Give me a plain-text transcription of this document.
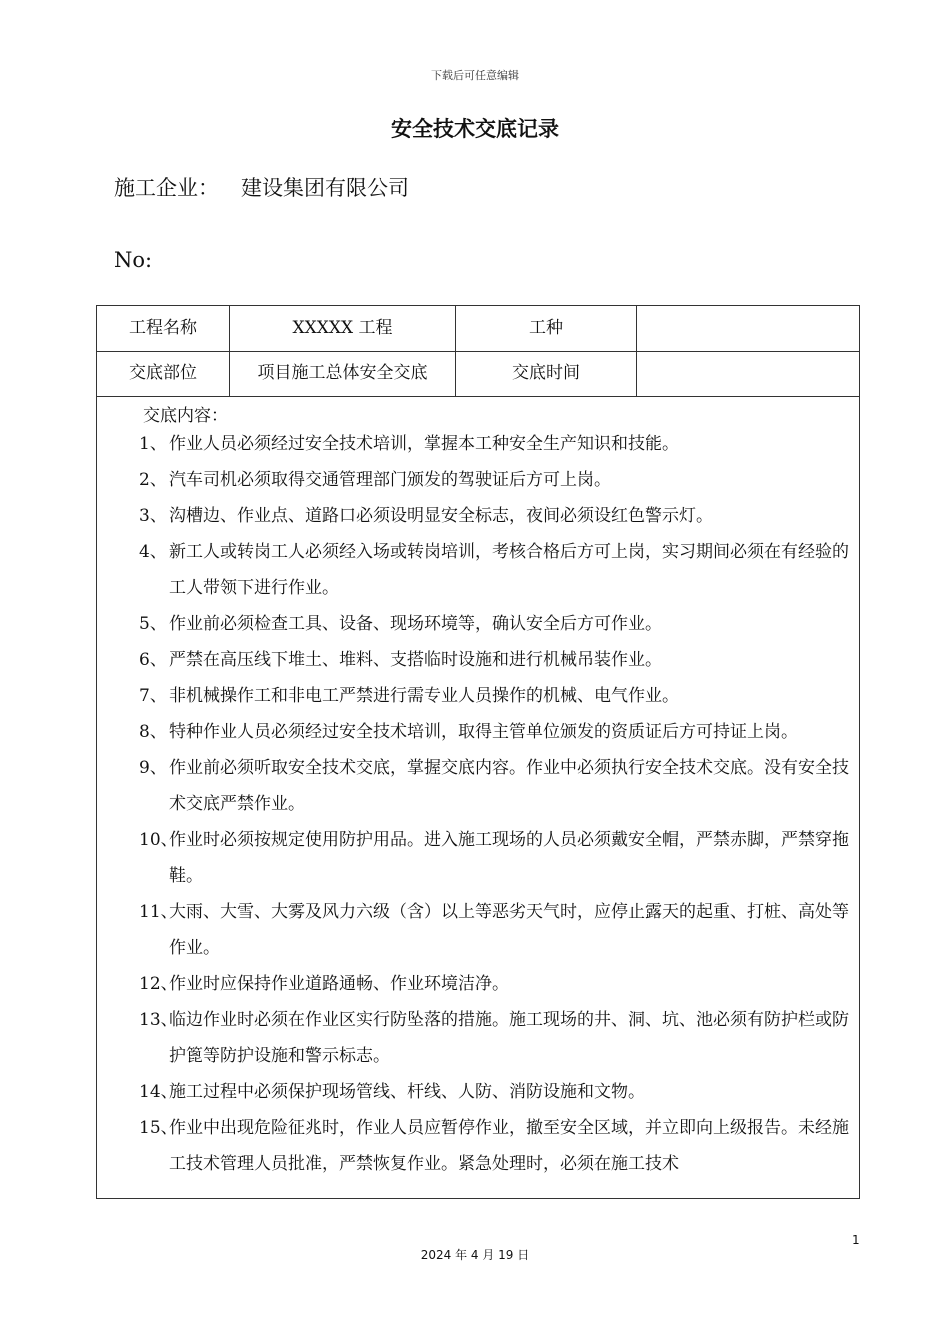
下载后可任意编辑
安全技术交底记录
施工企业： 建设集团有限公司
No:
工程名称	XXXXX 工程	工种
交底部位	项目施工总体安全交底	交底时间
交底内容：
1、 作业人员必须经过安全技术培训，掌握本工种安全生产知识和技能。
2、 汽车司机必须取得交通管理部门颁发的驾驶证后方可上岗。
3、 沟槽边、作业点、道路口必须设明显安全标志，夜间必须设红色警示灯。
4、 新工人或转岗工人必须经入场或转岗培训，考核合格后方可上岗，实习期间必须在有经验的工人带领下进行作业。
5、 作业前必须检查工具、设备、现场环境等，确认安全后方可作业。
6、 严禁在高压线下堆土、堆料、支搭临时设施和进行机械吊装作业。
7、 非机械操作工和非电工严禁进行需专业人员操作的机械、电气作业。
8、 特种作业人员必须经过安全技术培训，取得主管单位颁发的资质证后方可持证上岗。
9、 作业前必须听取安全技术交底，掌握交底内容。作业中必须执行安全技术交底。没有安全技术交底严禁作业。
10、
作业时必须按规定使用防护用品。进入施工现场的人员必须戴安全帽，严禁赤脚，严禁穿拖鞋。
11、
大雨、大雪、大雾及风力六级（含）以上等恶劣天气时，应停止露天的起重、打桩、高处等作业。
12、
作业时应保持作业道路通畅、作业环境洁净。
13、
临边作业时必须在作业区实行防坠落的措施。施工现场的井、洞、坑、池必须有防护栏或防护篦等防护设施和警示标志。
14、
施工过程中必须保护现场管线、杆线、人防、消防设施和文物。
15、
作业中出现危险征兆时，作业人员应暂停作业，撤至安全区域，并立即向上级报告。未经施工技术管理人员批准，严禁恢复作业。紧急处理时，必须在施工技术
1
2024 年 4 月 19 日
